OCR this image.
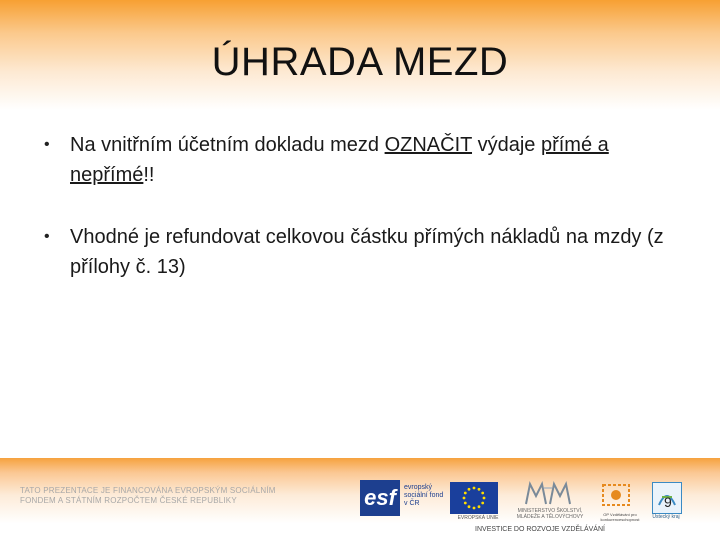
ÚHRADA MEZD
• Na vnitřním účetním dokladu mezd OZNAČIT výdaje přímé a nepřímé!!
• Vhodné je refundovat celkovou částku přímých nákladů na mzdy (z přílohy č. 13)
TATO PREZENTACE JE FINANCOVÁNA EVROPSKÝM SOCIÁLNÍM
FONDEM A STÁTNÍM ROZPOČTEM ČESKÉ REPUBLIKY	esf	evropský sociální fond v ČR
EVROPSKÁ UNIE
MINISTERSTVO ŠKOLSTVÍ, MLÁDEŽE A TĚLOVÝCHOVY	OP Vzdělávání pro konkurenceschopnost	Ústecký kraj
INVESTICE DO ROZVOJE VZDĚLÁVÁNÍ
9
